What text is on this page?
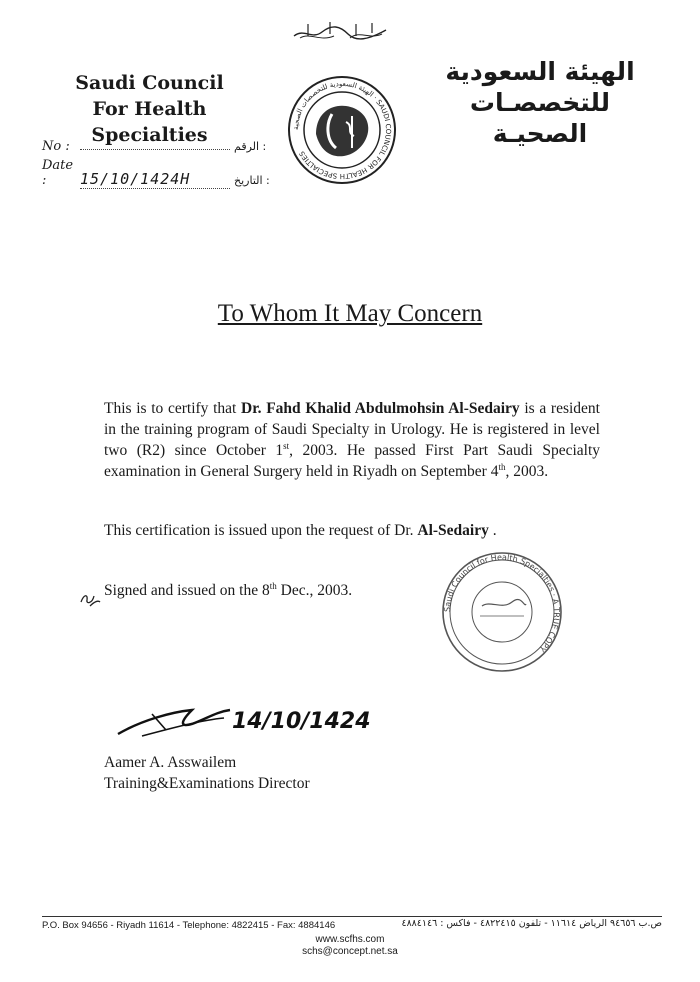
Saudi Council
For Health Specialties
الهيئة السعودية
للتخصصـات الصحيـة
الهيئة السعودية للتخصصات الصحية · SAUDI COUNCIL FOR HEALTH SPECIALTIES
No :	الرقم :
Date : 15/10/1424H	التاريخ :
To Whom It May Concern
This is to certify that Dr. Fahd Khalid Abdulmohsin Al-Sedairy is a resident in the training program of Saudi Specialty in Urology. He is registered in level two (R2) since October 1st, 2003. He passed First Part Saudi Specialty examination in General Surgery held in Riyadh on September 4th, 2003.
This certification is issued upon the request of Dr. Al-Sedairy .
Signed and issued on the 8th Dec., 2003.
Saudi Council for Health Specialties · A TRUE COPY
14/10/1424
Aamer A. Asswailem
Training&Examinations Director
P.O. Box 94656 - Riyadh 11614 - Telephone: 4822415 - Fax: 4884146	ص.ب ٩٤٦٥٦ الرياض ١١٦١٤ - تلفون ٤٨٢٢٤١٥ - فاكس : ٤٨٨٤١٤٦
www.scfhs.com
schs@concept.net.sa
